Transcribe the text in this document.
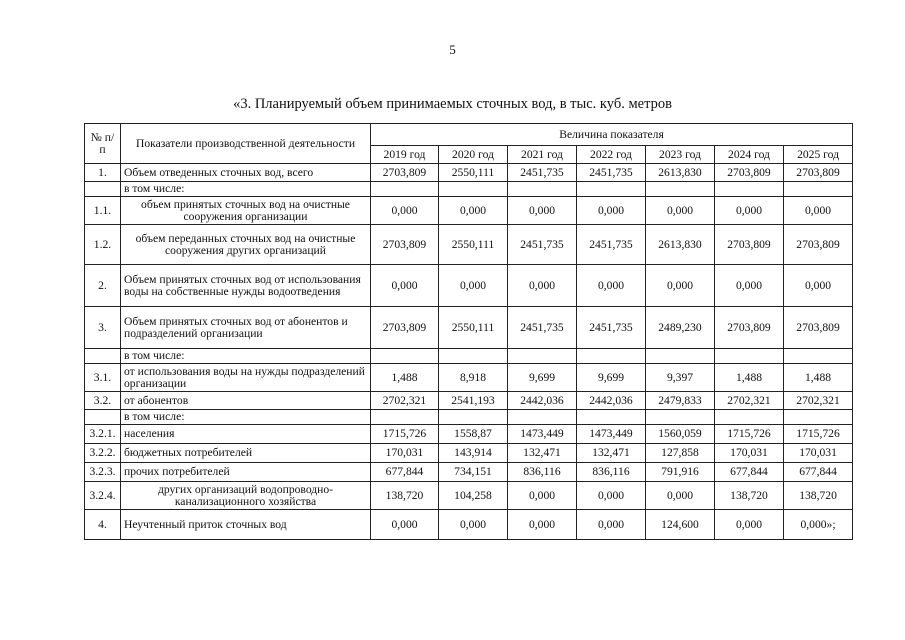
5
«3. Планируемый объем принимаемых сточных вод, в тыс. куб. метров
№ п/п	Показатели производственной деятельности	Величина показателя						
		2019 год	2020 год	2021 год	2022 год	2023 год	2024 год	2025 год
1.	Объем отведенных сточных вод, всего	2703,809	2550,111	2451,735	2451,735	2613,830	2703,809	2703,809
	в том числе:							
1.1.	объем принятых сточных вод на очистные сооружения организации	0,000	0,000	0,000	0,000	0,000	0,000	0,000
1.2.	объем переданных сточных вод на очистные сооружения других организаций	2703,809	2550,111	2451,735	2451,735	2613,830	2703,809	2703,809
2.	Объем принятых сточных вод от использования воды на собственные нужды водоотведения	0,000	0,000	0,000	0,000	0,000	0,000	0,000
3.	Объем принятых сточных вод от абонентов и подразделений организации	2703,809	2550,111	2451,735	2451,735	2489,230	2703,809	2703,809
	в том числе:							
3.1.	от использования воды на нужды подразделений организации	1,488	8,918	9,699	9,699	9,397	1,488	1,488
3.2.	от абонентов	2702,321	2541,193	2442,036	2442,036	2479,833	2702,321	2702,321
	в том числе:							
3.2.1.	населения	1715,726	1558,87	1473,449	1473,449	1560,059	1715,726	1715,726
3.2.2.	бюджетных потребителей	170,031	143,914	132,471	132,471	127,858	170,031	170,031
3.2.3.	прочих потребителей	677,844	734,151	836,116	836,116	791,916	677,844	677,844
3.2.4.	других организаций водопроводно-канализационного хозяйства	138,720	104,258	0,000	0,000	0,000	138,720	138,720
4.	Неучтенный приток сточных вод	0,000	0,000	0,000	0,000	124,600	0,000	0,000»;
